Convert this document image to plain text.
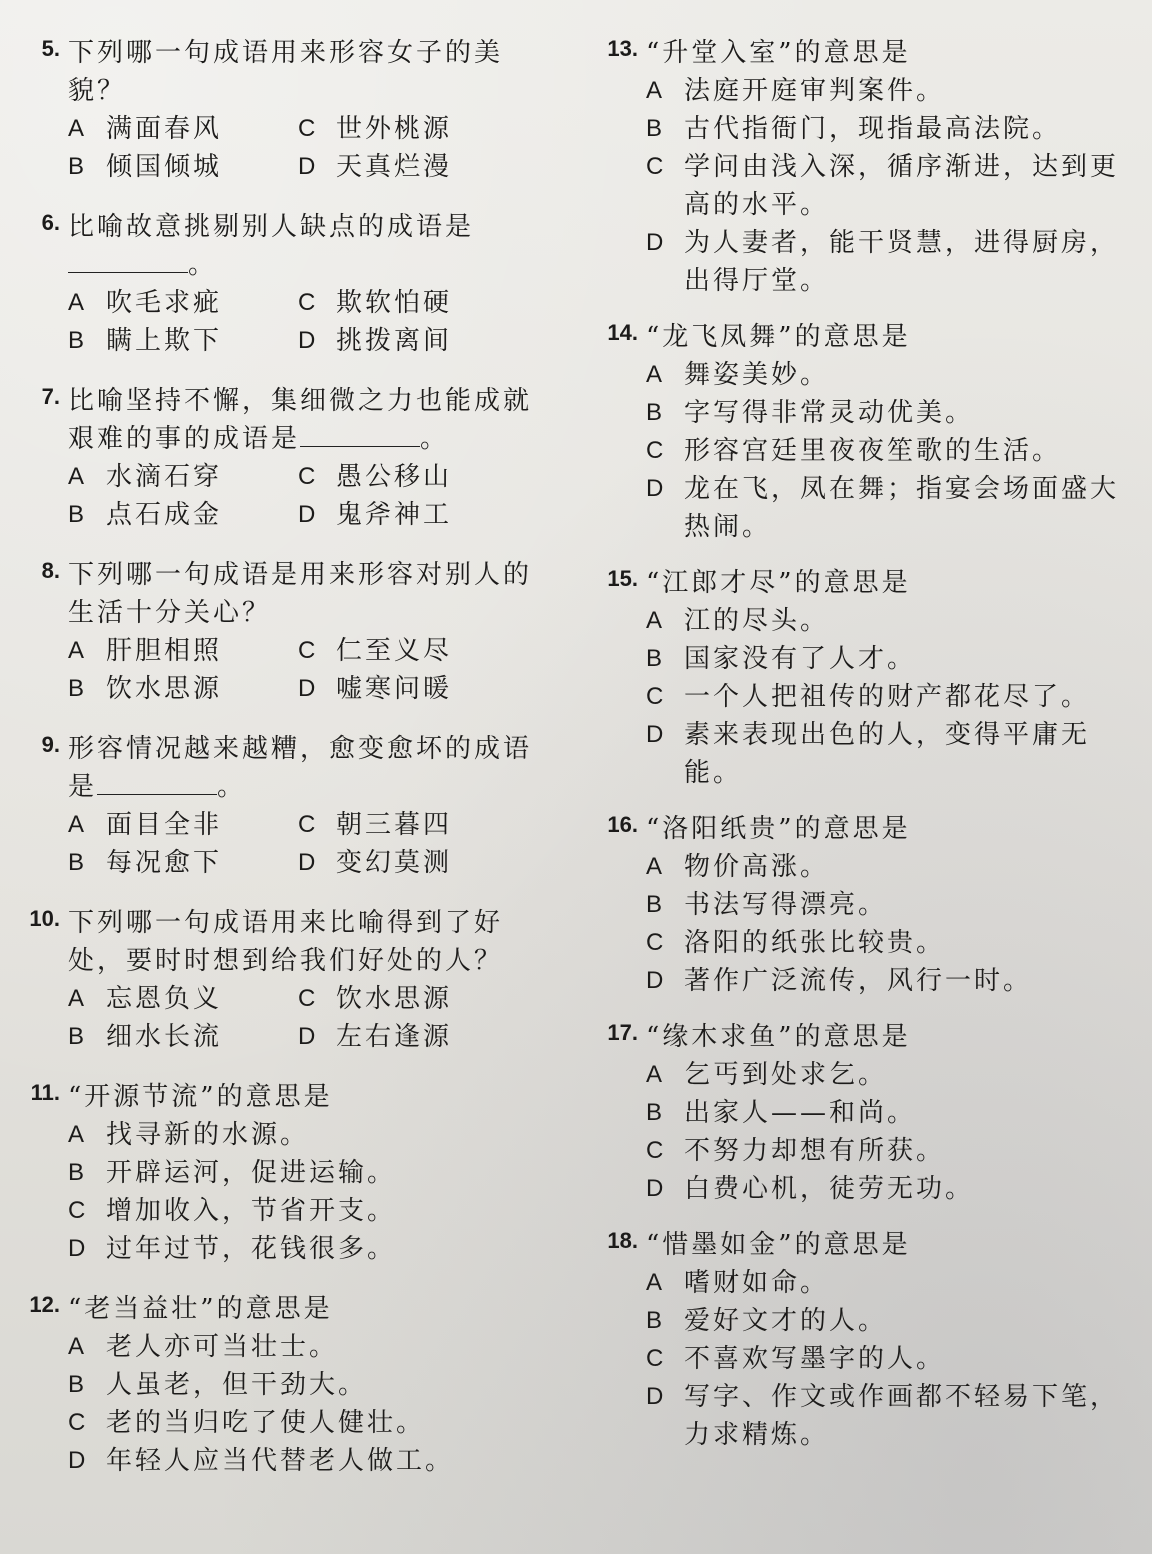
5. 下列哪一句成语用来形容女子的美貌？
A 满面春风	C 世外桃源
B 倾国倾城	D 天真烂漫
6. 比喻故意挑剔别人缺点的成语是
。
A 吹毛求疵	C 欺软怕硬
B 瞒上欺下	D 挑拨离间
7. 比喻坚持不懈，集细微之力也能成就艰难的事的成语是	。
A 水滴石穿	C 愚公移山
B 点石成金	D 鬼斧神工
8. 下列哪一句成语是用来形容对别人的生活十分关心？
A 肝胆相照	C 仁至义尽
B 饮水思源	D 嘘寒问暖
9. 形容情况越来越糟，愈变愈坏的成语是	。
A 面目全非	C 朝三暮四
B 每况愈下	D 变幻莫测
10. 下列哪一句成语用来比喻得到了好处，要时时想到给我们好处的人？
A 忘恩负义	C 饮水思源
B 细水长流	D 左右逢源
11. “开源节流”的意思是
A 找寻新的水源。
B 开辟运河，促进运输。
C 增加收入，节省开支。
D 过年过节，花钱很多。
12. “老当益壮”的意思是
A 老人亦可当壮士。
B 人虽老，但干劲大。
C 老的当归吃了使人健壮。
D 年轻人应当代替老人做工。
13. “升堂入室”的意思是
A 法庭开庭审判案件。
B 古代指衙门，现指最高法院。
C 学问由浅入深，循序渐进，达到更高的水平。
D 为人妻者，能干贤慧，进得厨房，出得厅堂。
14. “龙飞凤舞”的意思是
A 舞姿美妙。
B 字写得非常灵动优美。
C 形容宫廷里夜夜笙歌的生活。
D 龙在飞，凤在舞；指宴会场面盛大热闹。
15. “江郎才尽”的意思是
A 江的尽头。
B 国家没有了人才。
C 一个人把祖传的财产都花尽了。
D 素来表现出色的人，变得平庸无能。
16. “洛阳纸贵”的意思是
A 物价高涨。
B 书法写得漂亮。
C 洛阳的纸张比较贵。
D 著作广泛流传，风行一时。
17. “缘木求鱼”的意思是
A 乞丐到处求乞。
B 出家人——和尚。
C 不努力却想有所获。
D 白费心机，徒劳无功。
18. “惜墨如金”的意思是
A 嗜财如命。
B 爱好文才的人。
C 不喜欢写墨字的人。
D 写字、作文或作画都不轻易下笔，力求精炼。
